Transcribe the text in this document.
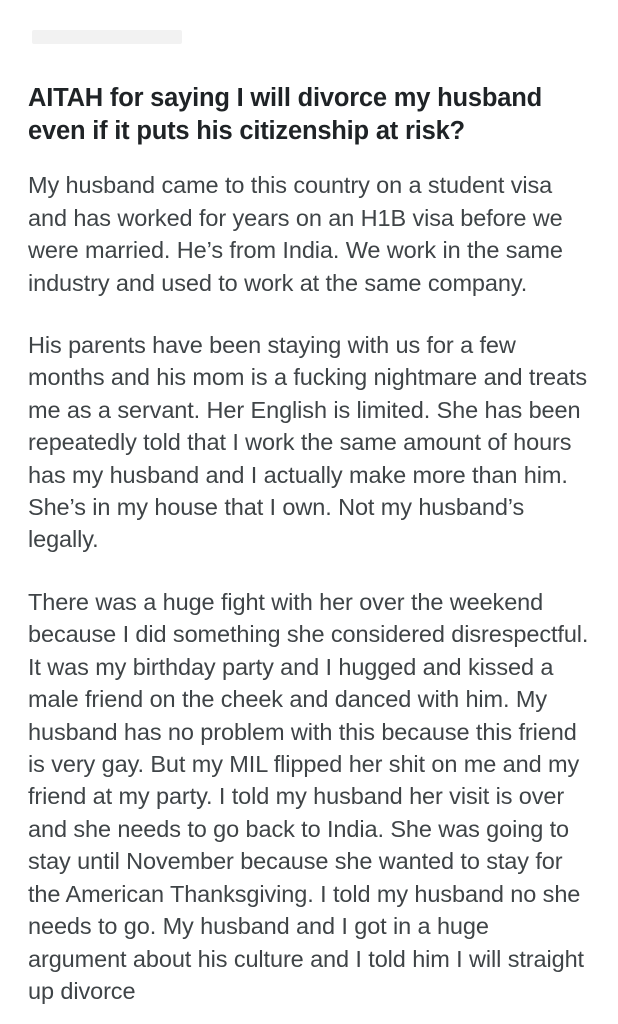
AITAH for saying I will divorce my husband even if it puts his citizenship at risk?

My husband came to this country on a student visa and has worked for years on an H1B visa before we were married. He’s from India. We work in the same industry and used to work at the same company.

His parents have been staying with us for a few months and his mom is a fucking nightmare and treats me as a servant. Her English is limited. She has been repeatedly told that I work the same amount of hours has my husband and I actually make more than him. She’s in my house that I own. Not my husband’s legally.

There was a huge fight with her over the weekend because I did something she considered disrespectful. It was my birthday party and I hugged and kissed a male friend on the cheek and danced with him. My husband has no problem with this because this friend is very gay. But my MIL flipped her shit on me and my friend at my party. I told my husband her visit is over and she needs to go back to India. She was going to stay until November because she wanted to stay for the American Thanksgiving. I told my husband no she needs to go. My husband and I got in a huge argument about his culture and I told him I will straight up divorce
